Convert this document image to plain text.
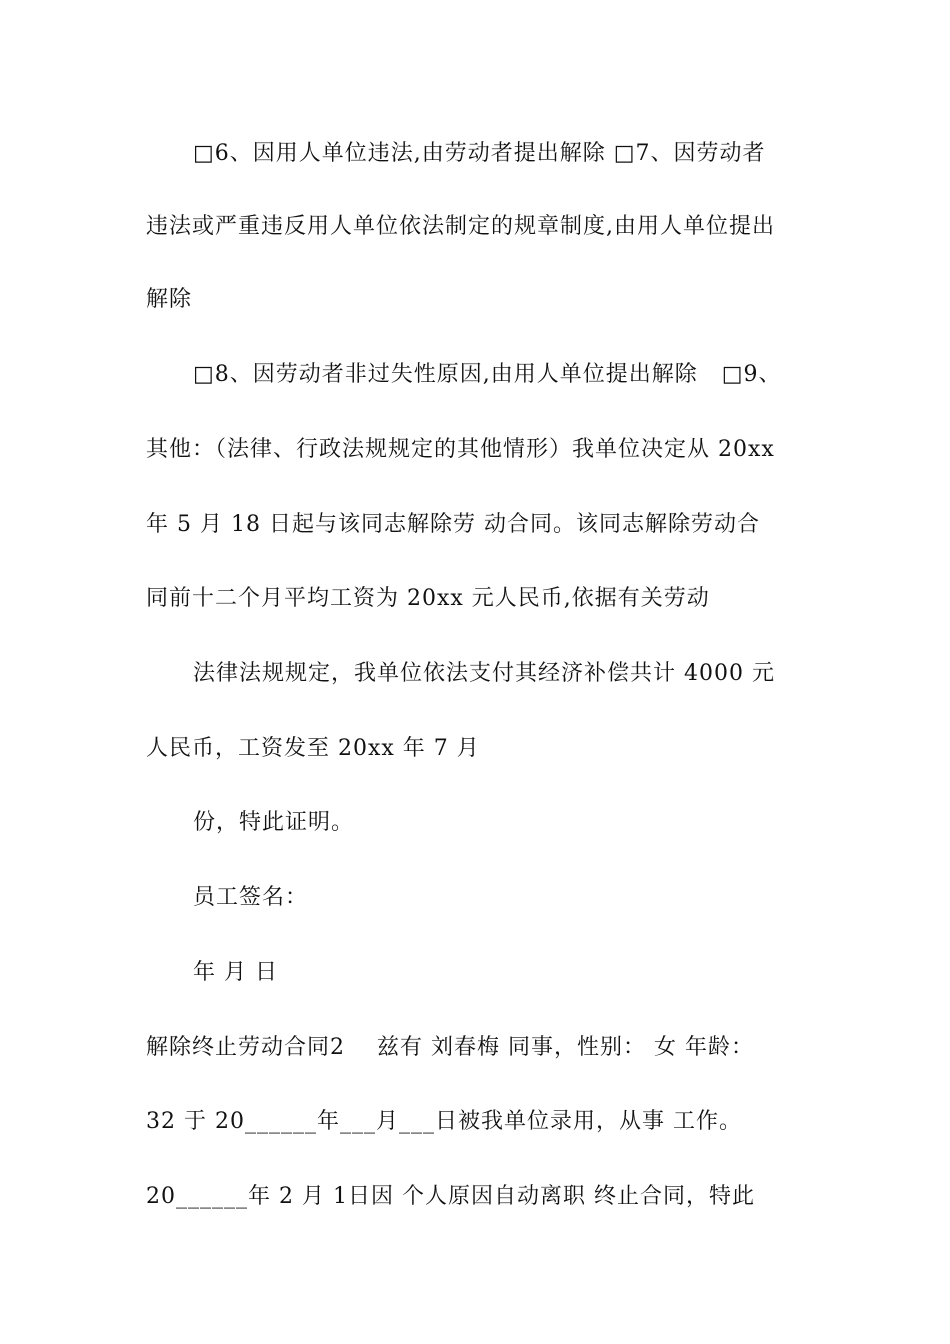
□6、因用人单位违法,由劳动者提出解除 □7、因劳动者
违法或严重违反用人单位依法制定的规章制度,由用人单位提出
解除
□8、因劳动者非过失性原因,由用人单位提出解除   □9、
其他：（法律、行政法规规定的其他情形）我单位决定从 20xx
年 5 月 18 日起与该同志解除劳 动合同。该同志解除劳动合
同前十二个月平均工资为 20xx 元人民币,依据有关劳动
法律法规规定，我单位依法支付其经济补偿共计 4000 元
人民币，工资发至 20xx 年 7 月
份，特此证明。
员工签名：
年 月 日
解除终止劳动合同2    兹有 刘春梅 同事，性别： 女 年龄：
32 于 20______年___月___日被我单位录用，从事 工作。
20______年 2 月 1日因 个人原因自动离职 终止合同，特此
